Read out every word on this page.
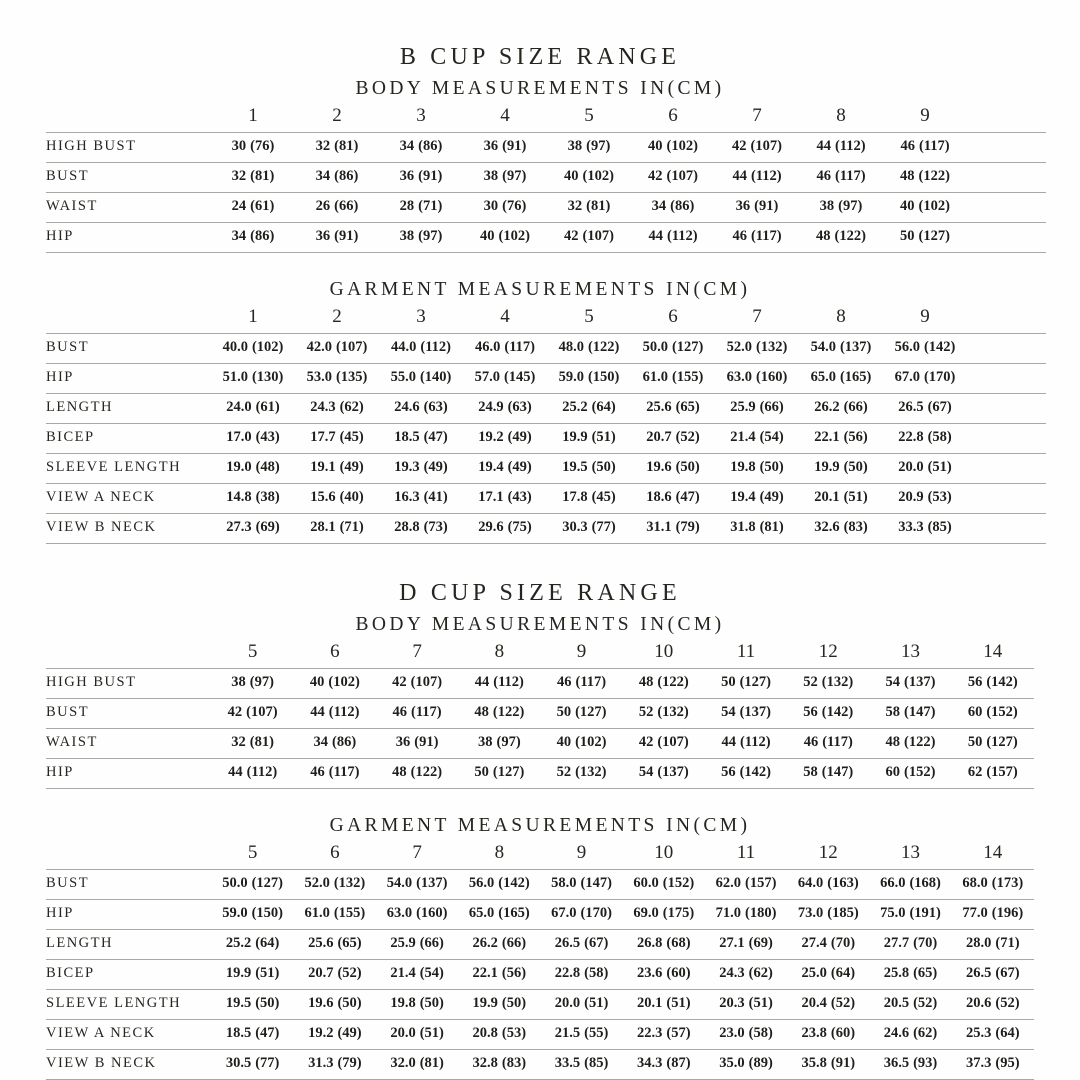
B CUP SIZE RANGE
BODY MEASUREMENTS IN(CM)
	1	2	3	4	5	6	7	8	9	
HIGH BUST	30 (76)	32 (81)	34 (86)	36 (91)	38 (97)	40 (102)	42 (107)	44 (112)	46 (117)	
BUST	32 (81)	34 (86)	36 (91)	38 (97)	40 (102)	42 (107)	44 (112)	46 (117)	48 (122)	
WAIST	24 (61)	26 (66)	28 (71)	30 (76)	32 (81)	34 (86)	36 (91)	38 (97)	40 (102)	
HIP	34 (86)	36 (91)	38 (97)	40 (102)	42 (107)	44 (112)	46 (117)	48 (122)	50 (127)	
GARMENT MEASUREMENTS IN(CM)
	1	2	3	4	5	6	7	8	9	
BUST	40.0 (102)	42.0 (107)	44.0 (112)	46.0 (117)	48.0 (122)	50.0 (127)	52.0 (132)	54.0 (137)	56.0 (142)	
HIP	51.0 (130)	53.0 (135)	55.0 (140)	57.0 (145)	59.0 (150)	61.0 (155)	63.0 (160)	65.0 (165)	67.0 (170)	
LENGTH	24.0 (61)	24.3 (62)	24.6 (63)	24.9 (63)	25.2 (64)	25.6 (65)	25.9 (66)	26.2 (66)	26.5 (67)	
BICEP	17.0 (43)	17.7 (45)	18.5 (47)	19.2 (49)	19.9 (51)	20.7 (52)	21.4 (54)	22.1 (56)	22.8 (58)	
SLEEVE LENGTH	19.0 (48)	19.1 (49)	19.3 (49)	19.4 (49)	19.5 (50)	19.6 (50)	19.8 (50)	19.9 (50)	20.0 (51)	
VIEW A NECK	14.8 (38)	15.6 (40)	16.3 (41)	17.1 (43)	17.8 (45)	18.6 (47)	19.4 (49)	20.1 (51)	20.9 (53)	
VIEW B NECK	27.3 (69)	28.1 (71)	28.8 (73)	29.6 (75)	30.3 (77)	31.1 (79)	31.8 (81)	32.6 (83)	33.3 (85)	
D CUP SIZE RANGE
BODY MEASUREMENTS IN(CM)
	5	6	7	8	9	10	11	12	13	14
HIGH BUST	38 (97)	40 (102)	42 (107)	44 (112)	46 (117)	48 (122)	50 (127)	52 (132)	54 (137)	56 (142)
BUST	42 (107)	44 (112)	46 (117)	48 (122)	50 (127)	52 (132)	54 (137)	56 (142)	58 (147)	60 (152)
WAIST	32 (81)	34 (86)	36 (91)	38 (97)	40 (102)	42 (107)	44 (112)	46 (117)	48 (122)	50 (127)
HIP	44 (112)	46 (117)	48 (122)	50 (127)	52 (132)	54 (137)	56 (142)	58 (147)	60 (152)	62 (157)
GARMENT MEASUREMENTS IN(CM)
	5	6	7	8	9	10	11	12	13	14
BUST	50.0 (127)	52.0 (132)	54.0 (137)	56.0 (142)	58.0 (147)	60.0 (152)	62.0 (157)	64.0 (163)	66.0 (168)	68.0 (173)
HIP	59.0 (150)	61.0 (155)	63.0 (160)	65.0 (165)	67.0 (170)	69.0 (175)	71.0 (180)	73.0 (185)	75.0 (191)	77.0 (196)
LENGTH	25.2 (64)	25.6 (65)	25.9 (66)	26.2 (66)	26.5 (67)	26.8 (68)	27.1 (69)	27.4 (70)	27.7 (70)	28.0 (71)
BICEP	19.9 (51)	20.7 (52)	21.4 (54)	22.1 (56)	22.8 (58)	23.6 (60)	24.3 (62)	25.0 (64)	25.8 (65)	26.5 (67)
SLEEVE LENGTH	19.5 (50)	19.6 (50)	19.8 (50)	19.9 (50)	20.0 (51)	20.1 (51)	20.3 (51)	20.4 (52)	20.5 (52)	20.6 (52)
VIEW A NECK	18.5 (47)	19.2 (49)	20.0 (51)	20.8 (53)	21.5 (55)	22.3 (57)	23.0 (58)	23.8 (60)	24.6 (62)	25.3 (64)
VIEW B NECK	30.5 (77)	31.3 (79)	32.0 (81)	32.8 (83)	33.5 (85)	34.3 (87)	35.0 (89)	35.8 (91)	36.5 (93)	37.3 (95)
